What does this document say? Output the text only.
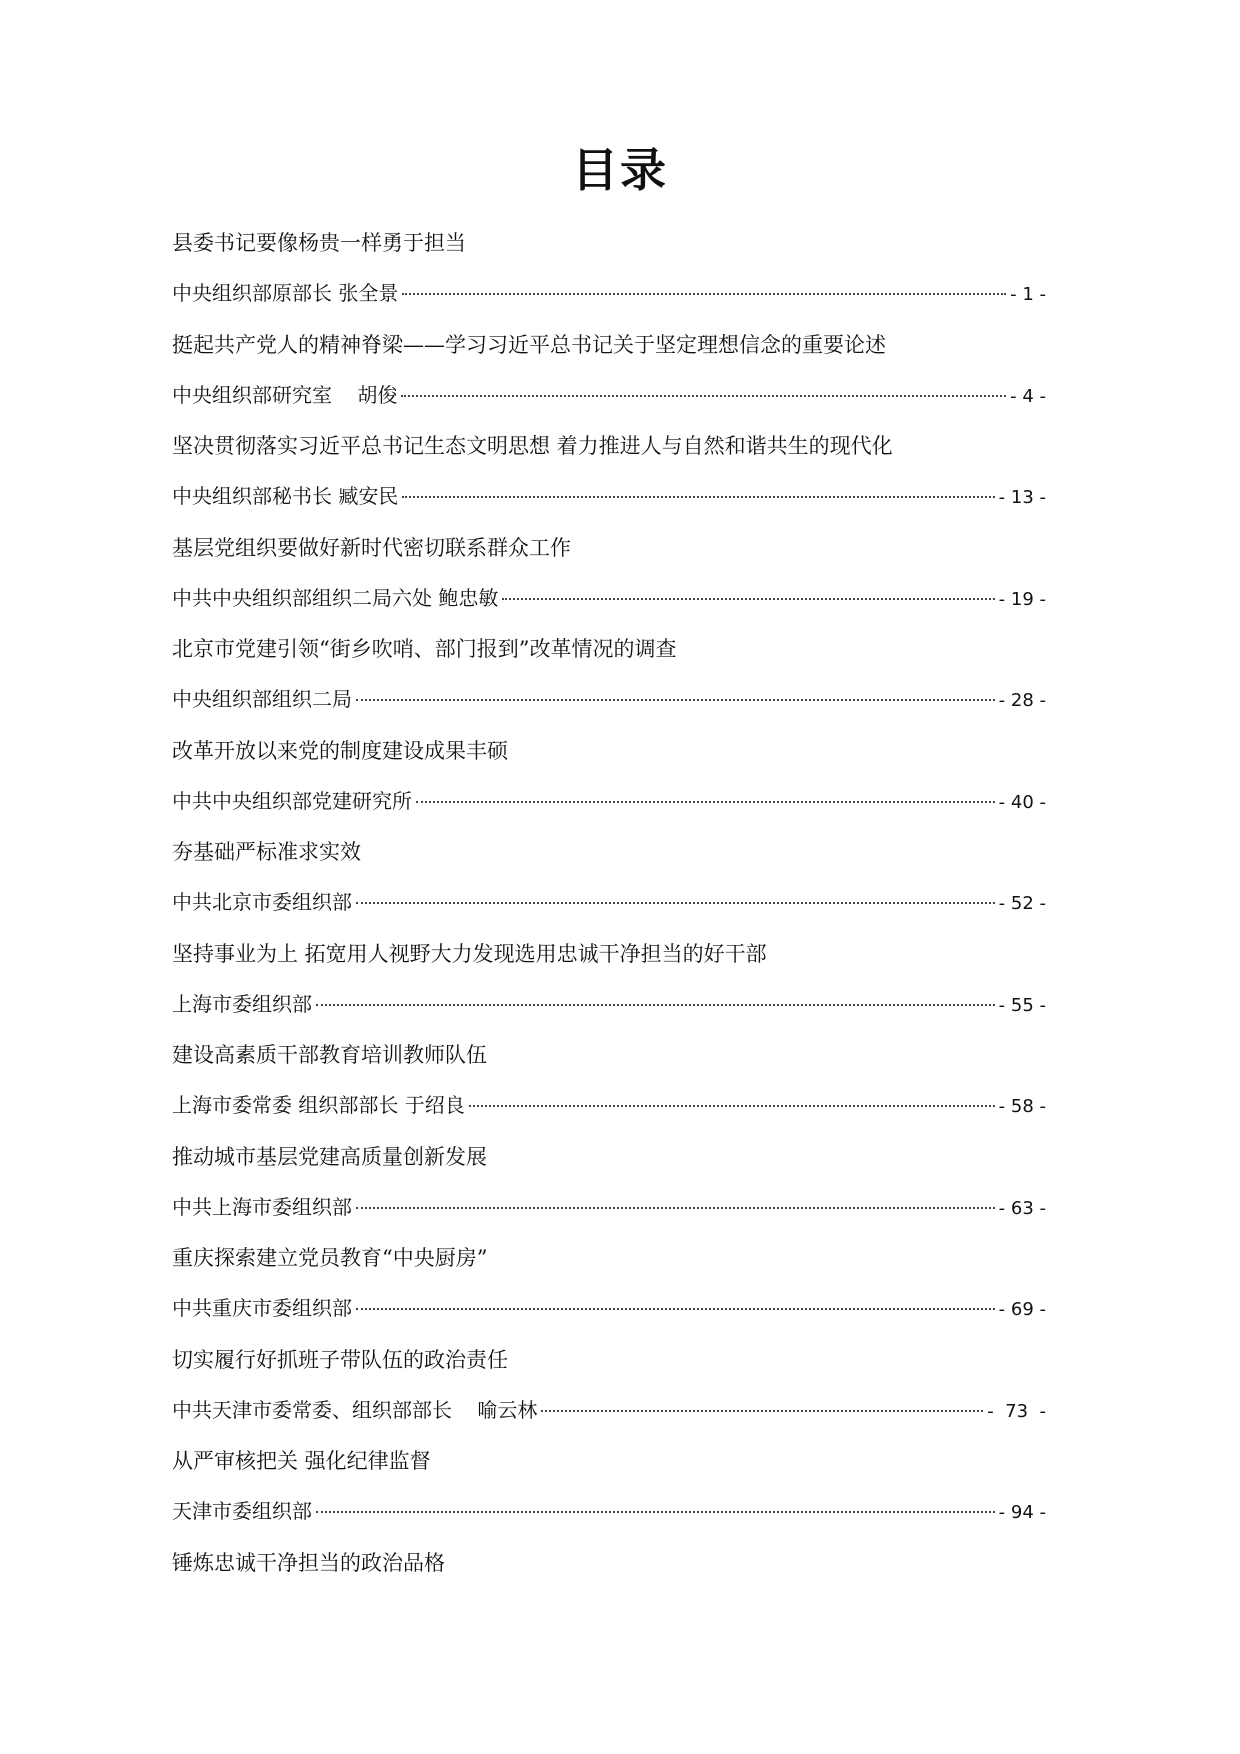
目录
县委书记要像杨贵一样勇于担当
中央组织部原部长 张全景	- 1 -
挺起共产党人的精神脊梁——学习习近平总书记关于坚定理想信念的重要论述
中央组织部研究室    胡俊	- 4 -
坚决贯彻落实习近平总书记生态文明思想 着力推进人与自然和谐共生的现代化
中央组织部秘书长 臧安民	- 13 -
基层党组织要做好新时代密切联系群众工作
中共中央组织部组织二局六处 鲍忠敏	- 19 -
北京市党建引领“街乡吹哨、部门报到”改革情况的调查
中央组织部组织二局	- 28 -
改革开放以来党的制度建设成果丰硕
中共中央组织部党建研究所	- 40 -
夯基础严标准求实效
中共北京市委组织部	- 52 -
坚持事业为上 拓宽用人视野大力发现选用忠诚干净担当的好干部
上海市委组织部	- 55 -
建设高素质干部教育培训教师队伍
上海市委常委 组织部部长 于绍良	- 58 -
推动城市基层党建高质量创新发展
中共上海市委组织部	- 63 -
重庆探索建立党员教育“中央厨房”
中共重庆市委组织部	- 69 -
切实履行好抓班子带队伍的政治责任
中共天津市委常委、组织部部长    喻云林	-  73  -
从严审核把关 强化纪律监督
天津市委组织部	- 94 -
锤炼忠诚干净担当的政治品格
